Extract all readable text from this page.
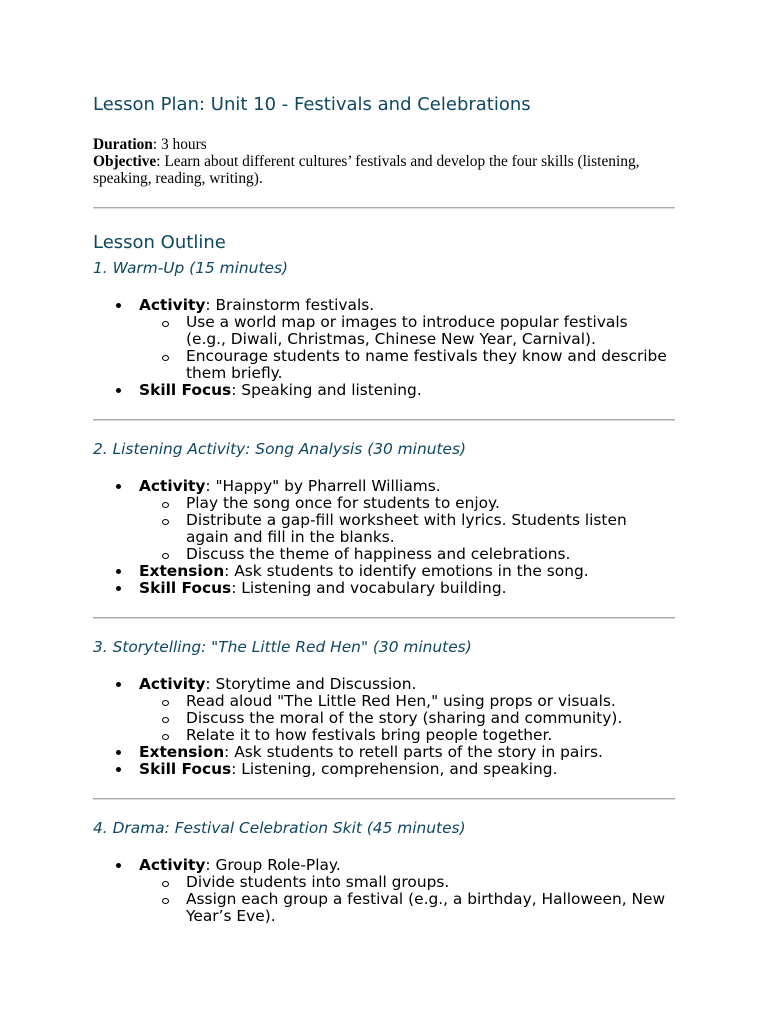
Lesson Plan: Unit 10 - Festivals and Celebrations

Duration: 3 hours

Objective: Learn about different cultures’ festivals and develop the four skills (listening, speaking, reading, writing).

Lesson Outline
1. Warm-Up (15 minutes)
Activity: Brainstorm festivals.
Use a world map or images to introduce popular festivals (e.g., Diwali, Christmas, Chinese New Year, Carnival).
Encourage students to name festivals they know and describe them briefly.
Skill Focus: Speaking and listening.
2. Listening Activity: Song Analysis (30 minutes)
Activity: "Happy" by Pharrell Williams.
Play the song once for students to enjoy.
Distribute a gap-fill worksheet with lyrics. Students listen again and fill in the blanks.
Discuss the theme of happiness and celebrations.
Extension: Ask students to identify emotions in the song.
Skill Focus: Listening and vocabulary building.
3. Storytelling: "The Little Red Hen" (30 minutes)
Activity: Storytime and Discussion.
Read aloud "The Little Red Hen," using props or visuals.
Discuss the moral of the story (sharing and community).
Relate it to how festivals bring people together.
Extension: Ask students to retell parts of the story in pairs.
Skill Focus: Listening, comprehension, and speaking.
4. Drama: Festival Celebration Skit (45 minutes)
Activity: Group Role-Play.
Divide students into small groups.
Assign each group a festival (e.g., a birthday, Halloween, New Year’s Eve).
